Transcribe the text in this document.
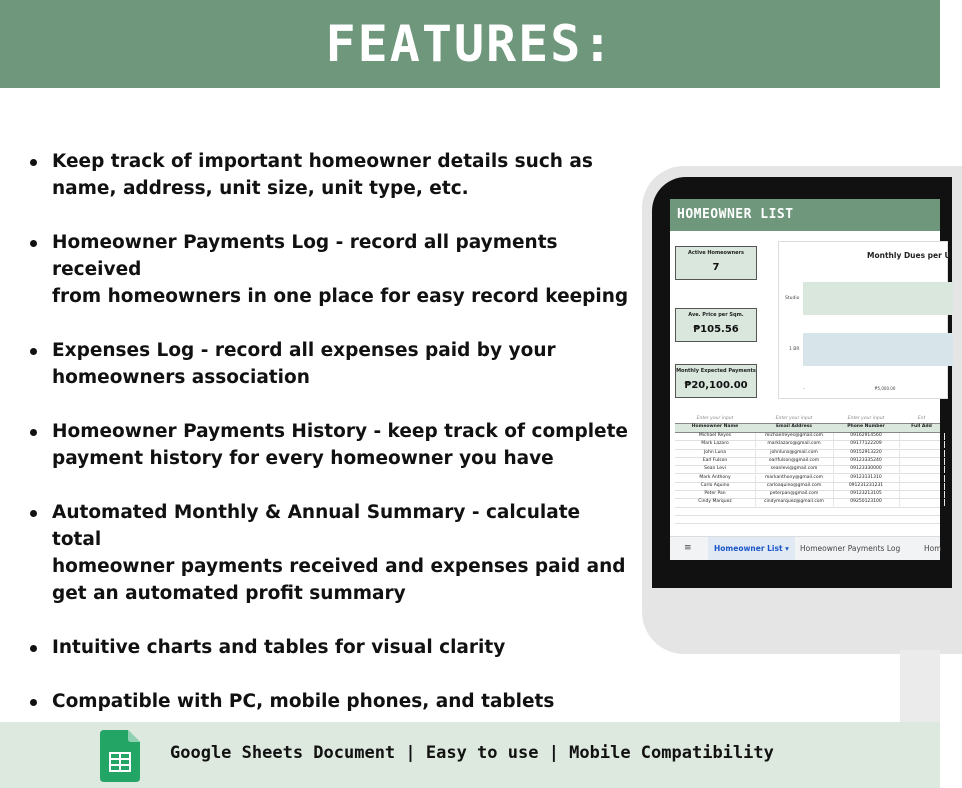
FEATURES:
Keep track of important homeowner details such as
name, address, unit size, unit type, etc.
Homeowner Payments Log - record all payments received
from homeowners in one place for easy record keeping
Expenses Log - record all expenses paid by your
homeowners association
Homeowner Payments History - keep track of complete
payment history for every homeowner you have
Automated Monthly & Annual Summary - calculate total
homeowner payments received and expenses paid and
get an automated profit summary
Intuitive charts and tables for visual clarity
Compatible with PC, mobile phones, and tablets
HOMEOWNER LIST
Active Homeowners
7
Ave. Price per Sqm.
₱105.56
Monthly Expected Payments
₱20,100.00
Monthly Dues per U
Studio
1 BR
-	₱5,000.00
Enter your input	Enter your input	Enter your input	Ent
Homeowner Name	Email Address	Phone Number	Full Add
Michael Reyes	michaelreyes@gmail.com	09162914560
Mark Lazaro	marklazaro@gmail.com	09177122209
John Luna	johnluna@gmail.com	09152913220
Earl Fulson	earlfulson@gmail.com	09123335240
Sean Levi	seanlevi@gmail.com	09123330000
Mark Anthony	markanthony@gmail.com	09123131310
Carlo Aquino	carloaquino@gmail.com	091231231231
Peter Pan	peterpan@gmail.com	09123213105
Cindy Marquez	cindymarquez@gmail.com	09250123100
≡	Homeowner List ▾	Homeowner Payments Log	Hom
Google Sheets Document | Easy to use | Mobile Compatibility
